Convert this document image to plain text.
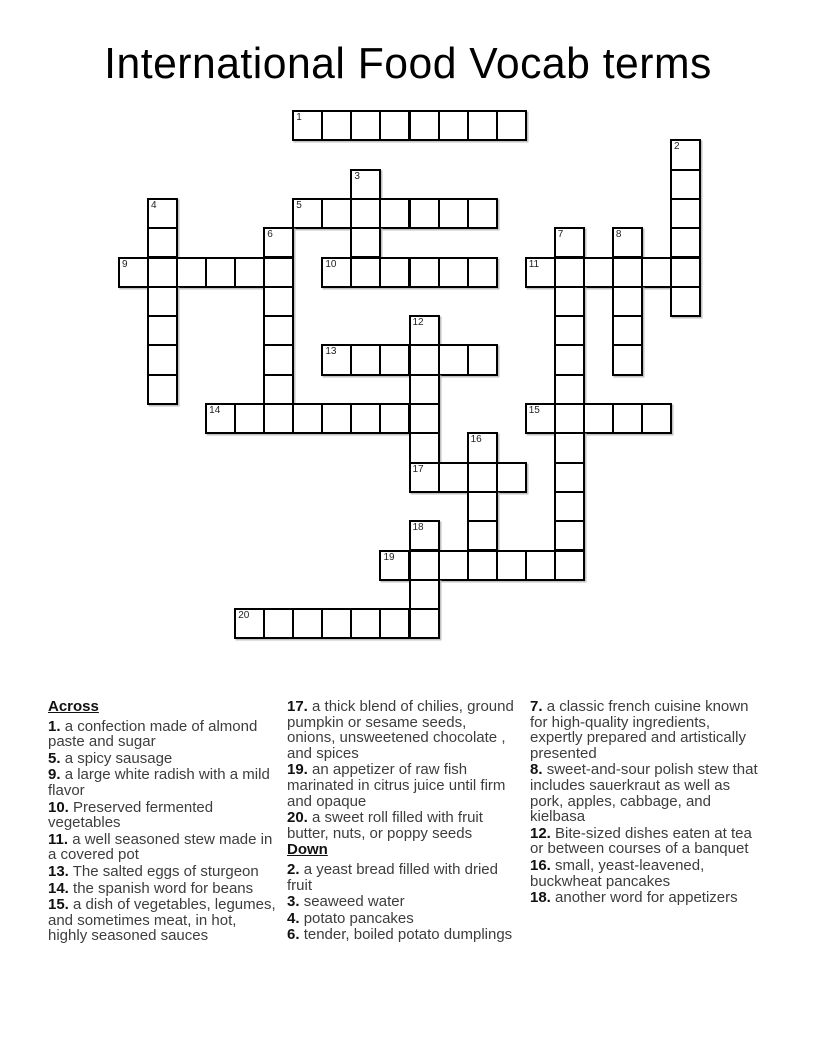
International Food Vocab terms
1
2
3
4	5
6	7	8
9	10	11
12
13
14	15
16
17
18
19
20

Across

1. a confection made of almond paste and sugar

5. a spicy sausage

9. a large white radish with a mild flavor

10. Preserved fermented vegetables

11. a well seasoned stew made in a covered pot

13. The salted eggs of sturgeon

14. the spanish word for beans

15. a dish of vegetables, legumes, and sometimes meat, in hot, highly seasoned sauces

17. a thick blend of chilies, ground pumpkin or sesame seeds, onions, unsweetened chocolate , and spices

19. an appetizer of raw fish marinated in citrus juice until firm and opaque

20. a sweet roll filled with fruit butter, nuts, or poppy seeds

Down

2. a yeast bread filled with dried fruit

3. seaweed water

4. potato pancakes

6. tender, boiled potato dumplings

7. a classic french cuisine known for high-quality ingredients, expertly prepared and artistically presented

8. sweet-and-sour polish stew that includes sauerkraut as well as pork, apples, cabbage, and kielbasa

12. Bite-sized dishes eaten at tea or between courses of a banquet

16. small, yeast-leavened, buckwheat pancakes

18. another word for appetizers
